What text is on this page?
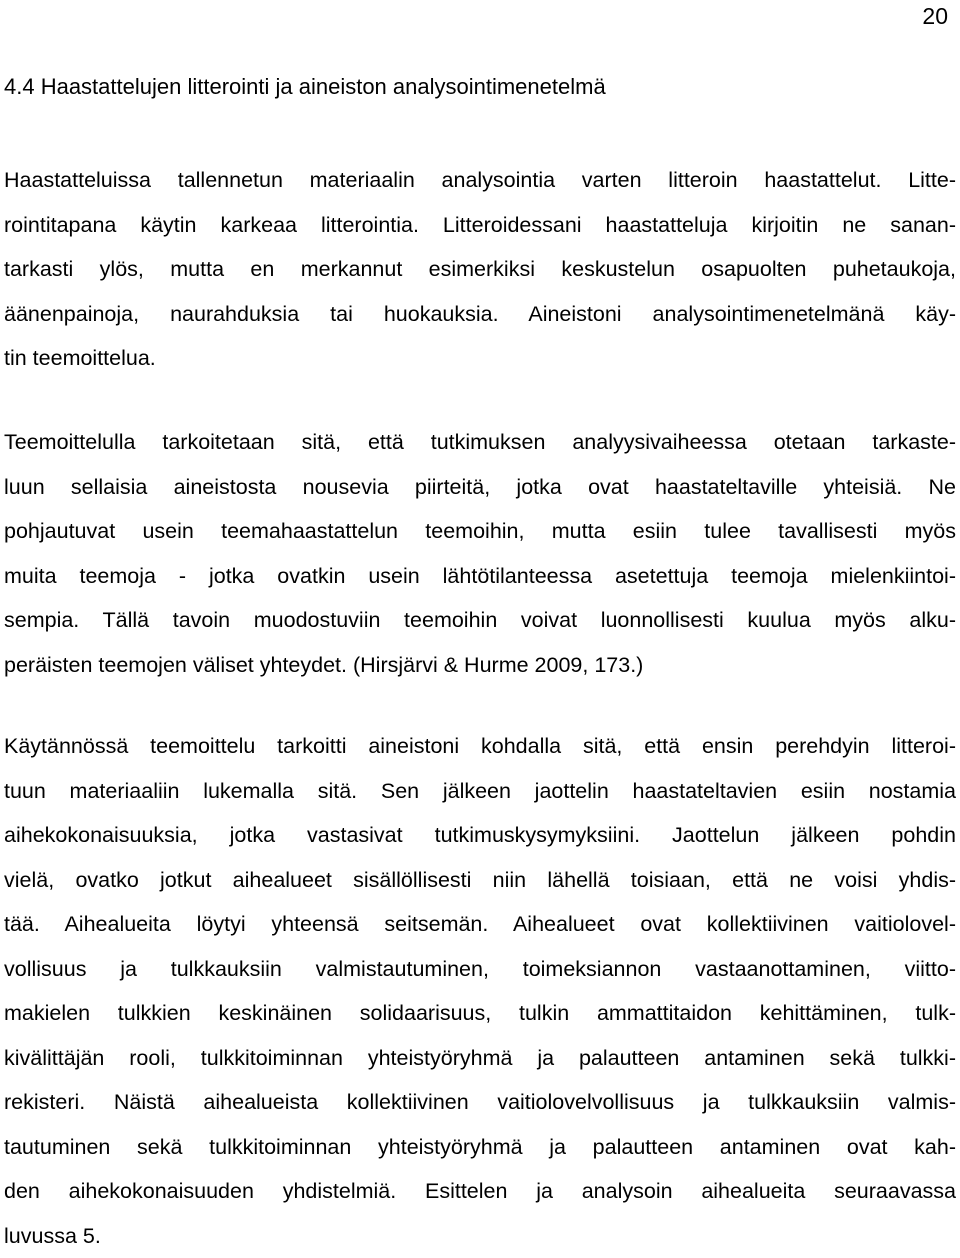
20
4.4 Haastattelujen litterointi ja aineiston analysointimenetelmä
Haastatteluissa tallennetun materiaalin analysointia varten litteroin haastattelut. Litte-
rointitapana käytin karkeaa litterointia. Litteroidessani haastatteluja kirjoitin ne sanan-
tarkasti ylös, mutta en merkannut esimerkiksi keskustelun osapuolten puhetaukoja,
äänenpainoja, naurahduksia tai huokauksia. Aineistoni analysointimenetelmänä käy-
tin teemoittelua.
Teemoittelulla tarkoitetaan sitä, että tutkimuksen analyysivaiheessa otetaan tarkaste-
luun sellaisia aineistosta nousevia piirteitä, jotka ovat haastateltaville yhteisiä. Ne
pohjautuvat usein teemahaastattelun teemoihin, mutta esiin tulee tavallisesti myös
muita teemoja - jotka ovatkin usein lähtötilanteessa asetettuja teemoja mielenkiintoi-
sempia. Tällä tavoin muodostuviin teemoihin voivat luonnollisesti kuulua myös alku-
peräisten teemojen väliset yhteydet. (Hirsjärvi & Hurme 2009, 173.)
Käytännössä teemoittelu tarkoitti aineistoni kohdalla sitä, että ensin perehdyin litteroi-
tuun materiaaliin lukemalla sitä. Sen jälkeen jaottelin haastateltavien esiin nostamia
aihekokonaisuuksia, jotka vastasivat tutkimuskysymyksiini. Jaottelun jälkeen pohdin
vielä, ovatko jotkut aihealueet sisällöllisesti niin lähellä toisiaan, että ne voisi yhdis-
tää. Aihealueita löytyi yhteensä seitsemän. Aihealueet ovat kollektiivinen vaitiolovel-
vollisuus ja tulkkauksiin valmistautuminen, toimeksiannon vastaanottaminen, viitto-
makielen tulkkien keskinäinen solidaarisuus, tulkin ammattitaidon kehittäminen, tulk-
kivälittäjän rooli, tulkkitoiminnan yhteistyöryhmä ja palautteen antaminen sekä tulkki-
rekisteri. Näistä aihealueista kollektiivinen vaitiolovelvollisuus ja tulkkauksiin valmis-
tautuminen sekä tulkkitoiminnan yhteistyöryhmä ja palautteen antaminen ovat kah-
den aihekokonaisuuden yhdistelmiä. Esittelen ja analysoin aihealueita seuraavassa
luvussa 5.
